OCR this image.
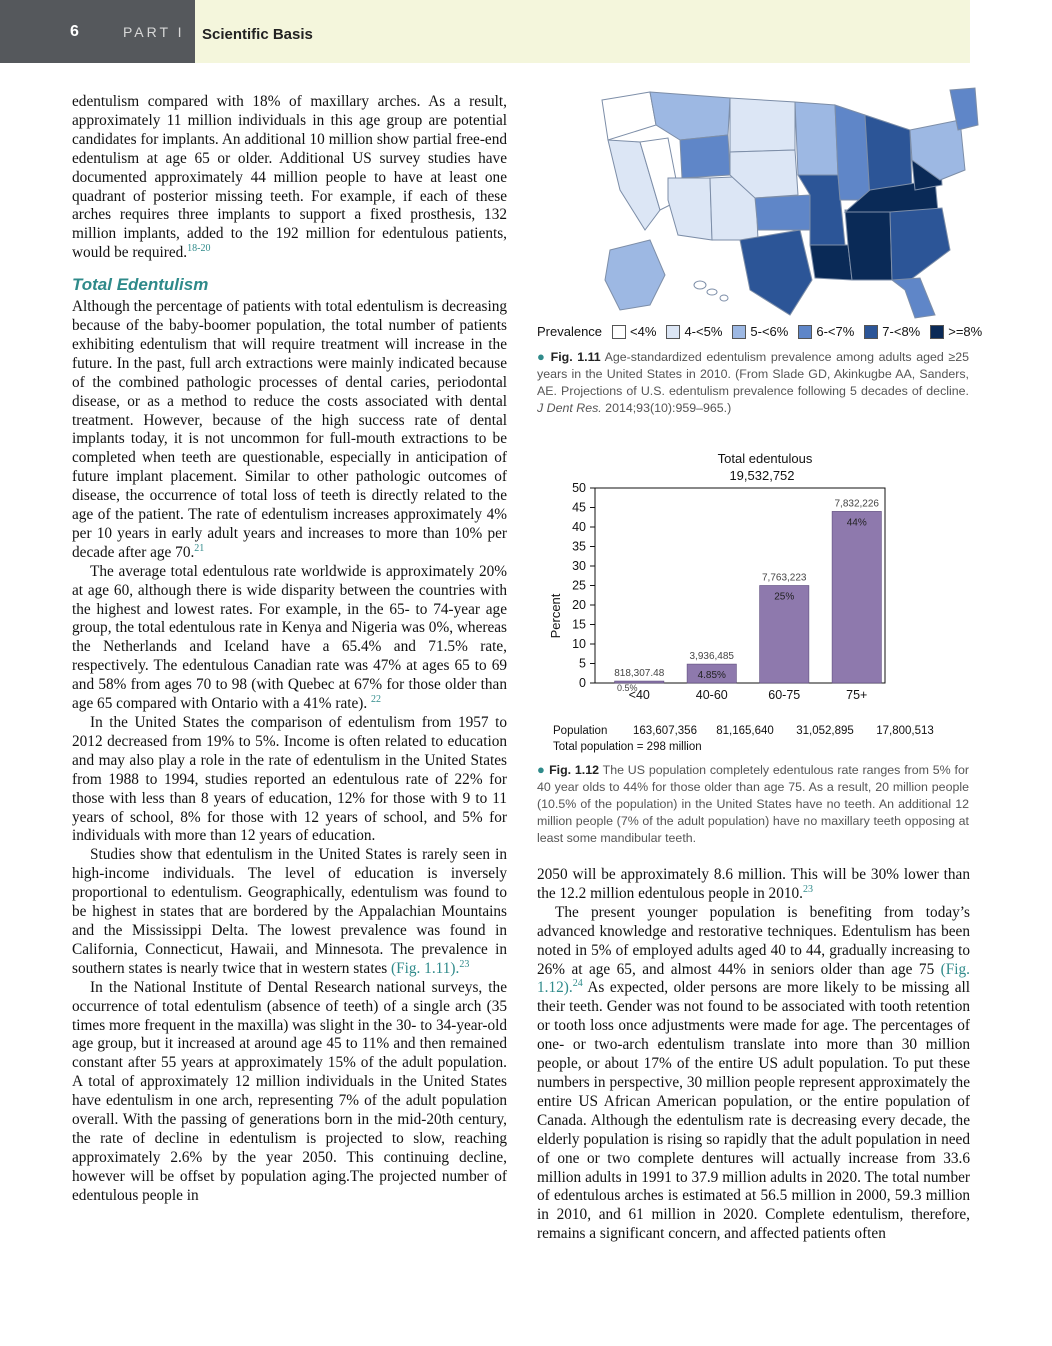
6	PART I	Scientific Basis

edentulism compared with 18% of maxillary arches. As a result, approximately 11 million individuals in this age group are potential candidates for implants. An additional 10 million show partial free-end edentulism at age 65 or older. Additional US survey studies have documented approximately 44 million people to have at least one quadrant of posterior missing teeth. For example, if each of these arches requires three implants to support a fixed prosthesis, 132 million implants, added to the 192 million for edentulous patients, would be required.$^{18-20}$

Total Edentulism

Although the percentage of patients with total edentulism is decreasing because of the baby-boomer population, the total number of patients exhibiting edentulism that will require treatment will increase in the future. In the past, full arch extractions were mainly indicated because of the combined pathologic processes of dental caries, periodontal disease, or as a method to reduce the costs associated with dental treatment. However, because of the high success rate of dental implants today, it is not uncommon for full-mouth extractions to be completed when teeth are questionable, especially in anticipation of future implant placement. Similar to other pathologic outcomes of disease, the occurrence of total loss of teeth is directly related to the age of the patient. The rate of edentulism increases approximately 4% per 10 years in early adult years and increases to more than 10% per decade after age 70.21

The average total edentulous rate worldwide is approximately 20% at age 60, although there is wide disparity between the countries with the highest and lowest rates. For example, in the 65- to 74-year age group, the total edentulous rate in Kenya and Nigeria was 0%, whereas the Netherlands and Iceland have a 65.4% and 71.5% rate, respectively. The edentulous Canadian rate was 47% at ages 65 to 69 and 58% from ages 70 to 98 (with Quebec at 67% for those older than age 65 compared with Ontario with a 41% rate). $^{22}$

In the United States the comparison of edentulism from 1957 to 2012 decreased from 19% to 5%. Income is often related to education and may also play a role in the rate of edentulism in the United States from 1988 to 1994, studies reported an edentulous rate of 22% for those with less than 8 years of education, 12% for those with 9 to 11 years of school, 8% for those with 12 years of school, and 5% for individuals with more than 12 years of education.

Studies show that edentulism in the United States is rarely seen in high-income individuals. The level of education is inversely proportional to edentulism. Geographically, edentulism was found to be highest in states that are bordered by the Appalachian Mountains and the Mississippi Delta. The lowest prevalence was found in California, Connecticut, Hawaii, and Minnesota. The prevalence in southern states is nearly twice that in western states (Fig. 1.11).$^{23}$

In the National Institute of Dental Research national surveys, the occurrence of total edentulism (absence of teeth) of a single arch (35 times more frequent in the maxilla) was slight in the 30- to 34-year-old age group, but it increased at around age 45 to 11% and then remained constant after 55 years at approximately 15% of the adult population. A total of approximately 12 million individuals in the United States have edentulism in one arch, representing 7% of the adult population overall. With the passing of generations born in the mid-20th century, the rate of decline in edentulism is projected to slow, reaching approximately 2.6% by the year 2050. This continuing decline, however will be offset by population aging.The projected number of edentulous people in

Prevalence <4% 4-<5% 5-<6% 6-<7% 7-<8% >=8%
● Fig. 1.11 Age-standardized edentulism prevalence among adults aged ≥25 years in the United States in 2010. (From Slade GD, Akinkugbe AA, Sanders, AE. Projections of U.S. edentulism prevalence following 5 decades of decline. J Dent Res. 2014;93(10):959–965.)
Total edentulous
19,532,752
Percent
0
5
10
15
20
25
30
35
40
45
50
<40
818,307.48
0.5%
163,607,356
40-60
3,936,485
4.85%
81,165,640
60-75
7,763,223
25%
31,052,895
75+
7,832,226
44%
17,800,513
Population
Total population = 298 million
● Fig. 1.12 The US population completely edentulous rate ranges from 5% for 40 year olds to 44% for those older than age 75. As a result, 20 million people (10.5% of the population) in the United States have no teeth. An additional 12 million people (7% of the adult population) have no maxillary teeth opposing at least some mandibular teeth.

2050 will be approximately 8.6 million. This will be 30% lower than the 12.2 million edentulous people in 2010.23

The present younger population is benefiting from today’s advanced knowledge and restorative techniques. Edentulism has been noted in 5% of employed adults aged 40 to 44, gradually increasing to 26% at age 65, and almost 44% in seniors older than age 75 (Fig. 1.12).$^{24}$ As expected, older persons are more likely to be missing all their teeth. Gender was not found to be associated with tooth retention or tooth loss once adjustments were made for age. The percentages of one- or two-arch edentulism translate into more than 30 million people, or about 17% of the entire US adult population. To put these numbers in perspective, 30 million people represent approximately the entire US African American population, or the entire population of Canada. Although the edentulism rate is decreasing every decade, the elderly population is rising so rapidly that the adult population in need of one or two complete dentures will actually increase from 33.6 million adults in 1991 to 37.9 million adults in 2020. The total number of edentulous arches is estimated at 56.5 million in 2000, 59.3 million in 2010, and 61 million in 2020. Complete edentulism, therefore, remains a significant concern, and affected patients often
